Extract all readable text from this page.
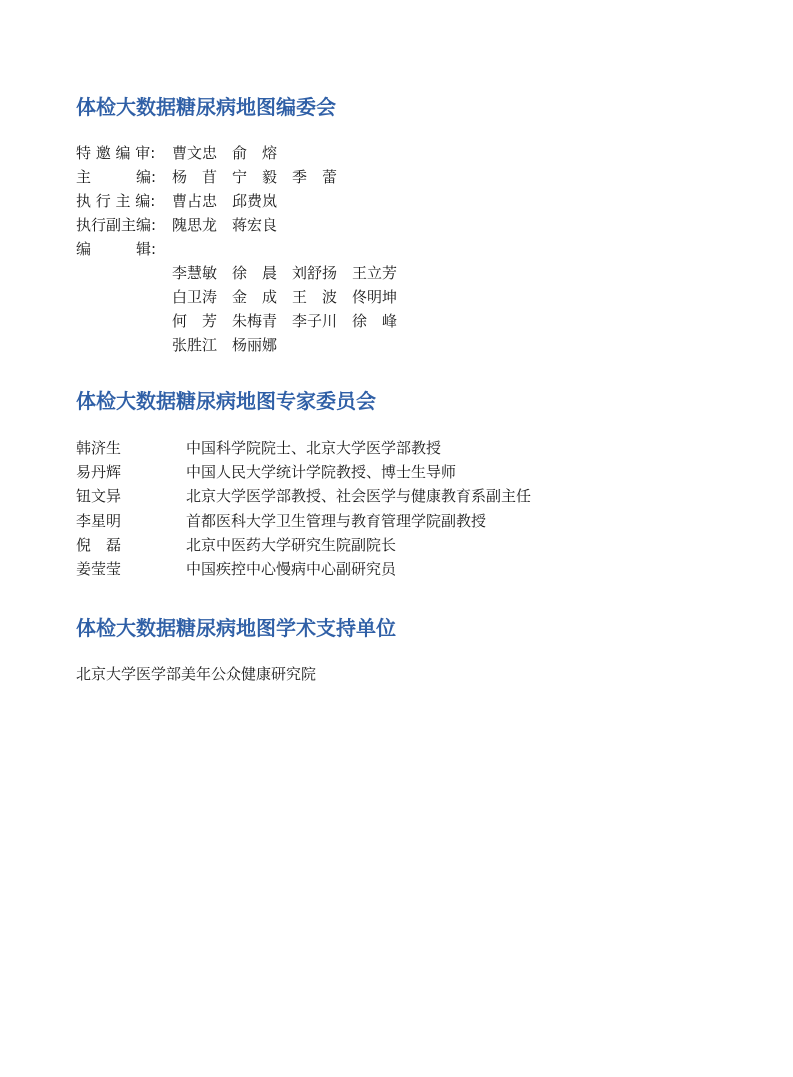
体检大数据糖尿病地图编委会
特 邀 编 审:	曹文忠 俞　熔
主　　　编:	杨　苜 宁　毅 季　蕾
执 行 主 编:	曹占忠 邱费岚
执行副主编:	隗思龙 蒋宏良
编　　　辑:
李慧敏 徐　晨 刘舒扬 王立芳
白卫涛 金　成 王　波 佟明坤
何　芳 朱梅青 李子川 徐　峰
张胜江 杨丽娜
体检大数据糖尿病地图专家委员会
韩济生	中国科学院院士、北京大学医学部教授
易丹辉	中国人民大学统计学院教授、博士生导师
钮文异	北京大学医学部教授、社会医学与健康教育系副主任
李星明	首都医科大学卫生管理与教育管理学院副教授
倪　磊	北京中医药大学研究生院副院长
姜莹莹	中国疾控中心慢病中心副研究员
体检大数据糖尿病地图学术支持单位
北京大学医学部美年公众健康研究院
